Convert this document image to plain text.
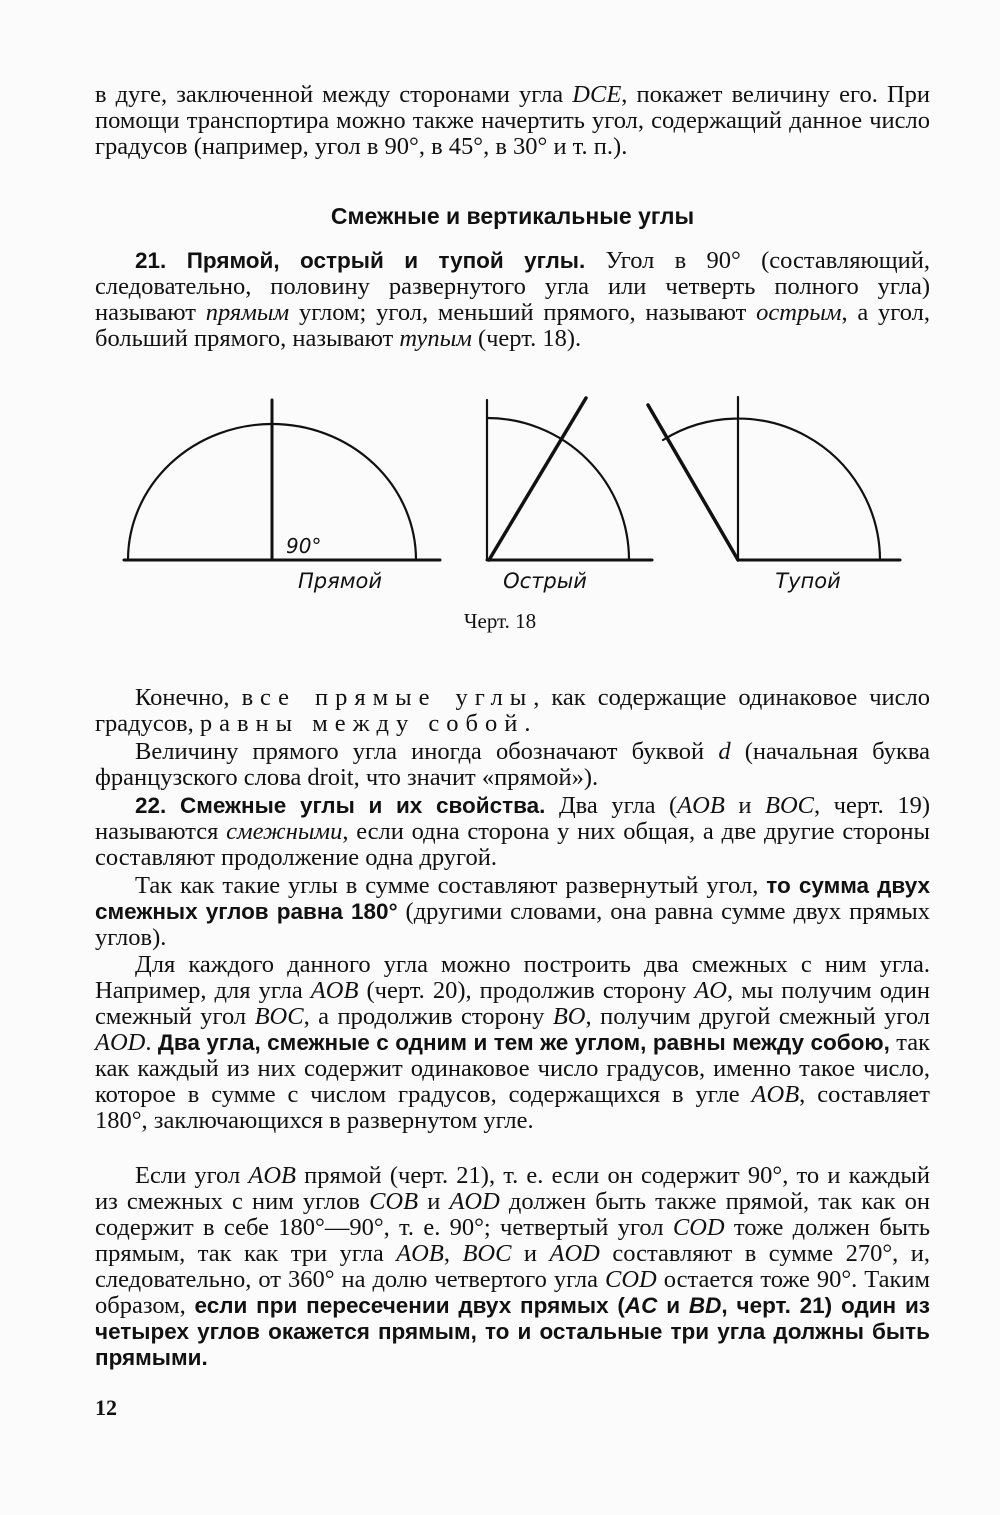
в дуге, заключенной между сторонами угла DCE, покажет величину его. При помощи транспортира можно также начертить угол, содержащий данное число градусов (например, угол в 90°, в 45°, в 30° и т. п.).

Смежные и вертикальные углы

21. Прямой, острый и тупой углы. Угол в 90° (составляющий, следовательно, половину развернутого угла или четверть полного угла) называют прямым углом; угол, меньший прямого, называют острым, а угол, больший прямого, называют тупым (черт. 18).

90°
Прямой	Острый	Тупой
Черт. 18

Конечно, все прямые углы, как содержащие одинаковое число градусов, равны между собой.

Величину прямого угла иногда обозначают буквой d (начальная буква французского слова droit, что значит «прямой»).

22. Смежные углы и их свойства. Два угла (AOB и BOC, черт. 19) называются смежными, если одна сторона у них общая, а две другие стороны составляют продолжение одна другой.

Так как такие углы в сумме составляют развернутый угол, то сумма двух смежных углов равна 180° (другими словами, она равна сумме двух прямых углов).

Для каждого данного угла можно построить два смежных с ним угла. Например, для угла AOB (черт. 20), продолжив сторону AO, мы получим один смежный угол BOC, а продолжив сторону BO, получим другой смежный угол AOD. Два угла, смежные с одним и тем же углом, равны между собою, так как каждый из них содержит одинаковое число градусов, именно такое число, которое в сумме с числом градусов, содержащихся в угле AOB, составляет 180°, заключающихся в развернутом угле.

Если угол AOB прямой (черт. 21), т. е. если он содержит 90°, то и каждый из смежных с ним углов COB и AOD должен быть также прямой, так как он содержит в себе 180°—90°, т. е. 90°; четвертый угол COD тоже должен быть прямым, так как три угла AOB, BOC и AOD составляют в сумме 270°, и, следовательно, от 360° на долю четвертого угла COD остается тоже 90°. Таким образом, если при пересечении двух прямых (AC и BD, черт. 21) один из четырех углов окажется прямым, то и остальные три угла должны быть прямыми.

12
